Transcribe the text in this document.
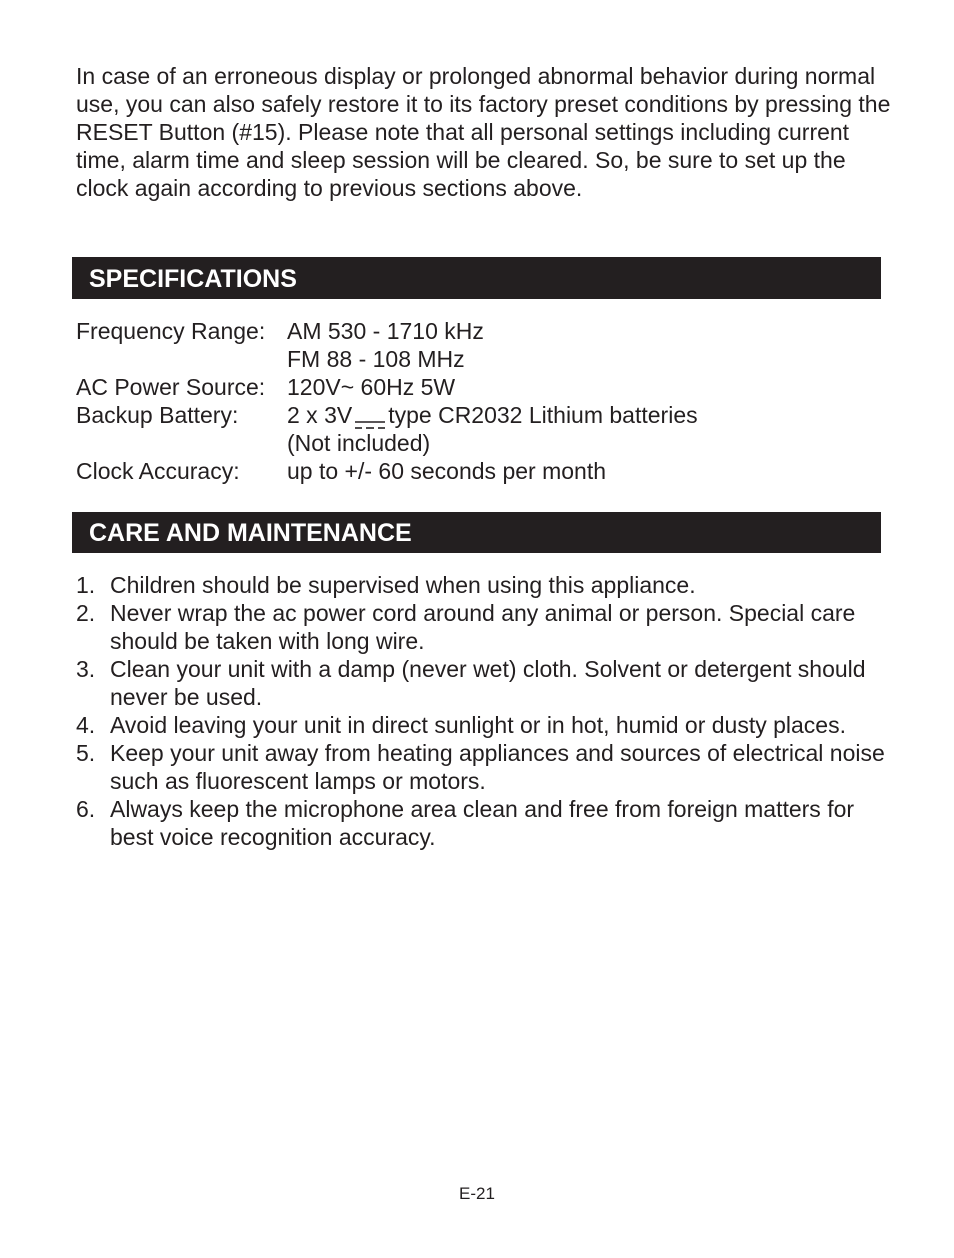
In case of an erroneous display or prolonged abnormal behavior during normal use, you can also safely restore it to its factory preset conditions by pressing the RESET Button (#15). Please note that all personal settings including current time, alarm time and sleep session will be cleared. So, be sure to set up the clock again according to previous sections above.

SPECIFICATIONS
Frequency Range: AM 530 - 1710 kHz
FM 88 - 108 MHz
AC Power Source: 120V~ 60Hz 5W
Backup Battery:	2 x 3V type CR2032 Lithium batteries
(Not included)
Clock Accuracy:	up to +/- 60 seconds per month
CARE AND MAINTENANCE
1. Children should be supervised when using this appliance.
2. Never wrap the ac power cord around any animal or person. Special care should be taken with long wire.
3. Clean your unit with a damp (never wet) cloth. Solvent or detergent should never be used.
4. Avoid leaving your unit in direct sunlight or in hot, humid or dusty places.
5. Keep your unit away from heating appliances and sources of electrical noise such as fluorescent lamps or motors.
6. Always keep the microphone area clean and free from foreign matters for best voice recognition accuracy.

E-21
